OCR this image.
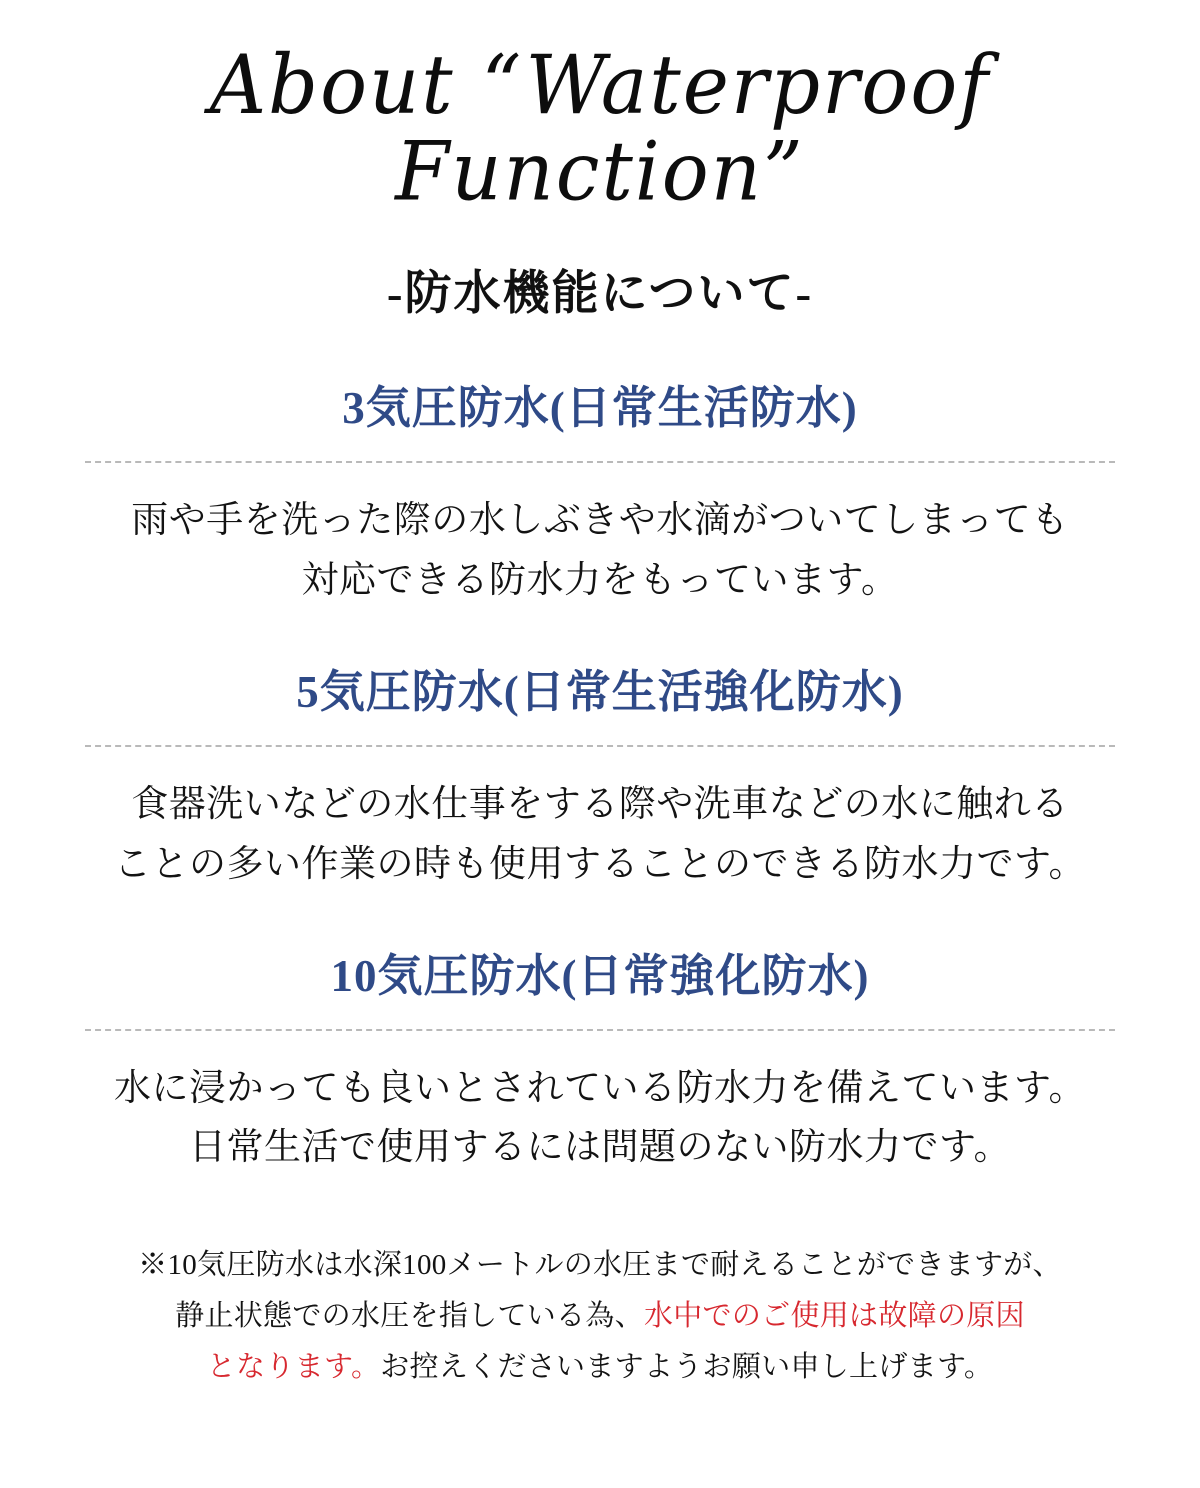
About “Waterproof Function”
-防水機能について-
3気圧防水(日常生活防水)
雨や手を洗った際の水しぶきや水滴がついてしまっても
対応できる防水力をもっています。
5気圧防水(日常生活強化防水)
食器洗いなどの水仕事をする際や洗車などの水に触れる
ことの多い作業の時も使用することのできる防水力です。
10気圧防水(日常強化防水)
水に浸かっても良いとされている防水力を備えています。
日常生活で使用するには問題のない防水力です。
※10気圧防水は水深100メートルの水圧まで耐えることができますが、
静止状態での水圧を指している為、水中でのご使用は故障の原因
となります。お控えくださいますようお願い申し上げます。
